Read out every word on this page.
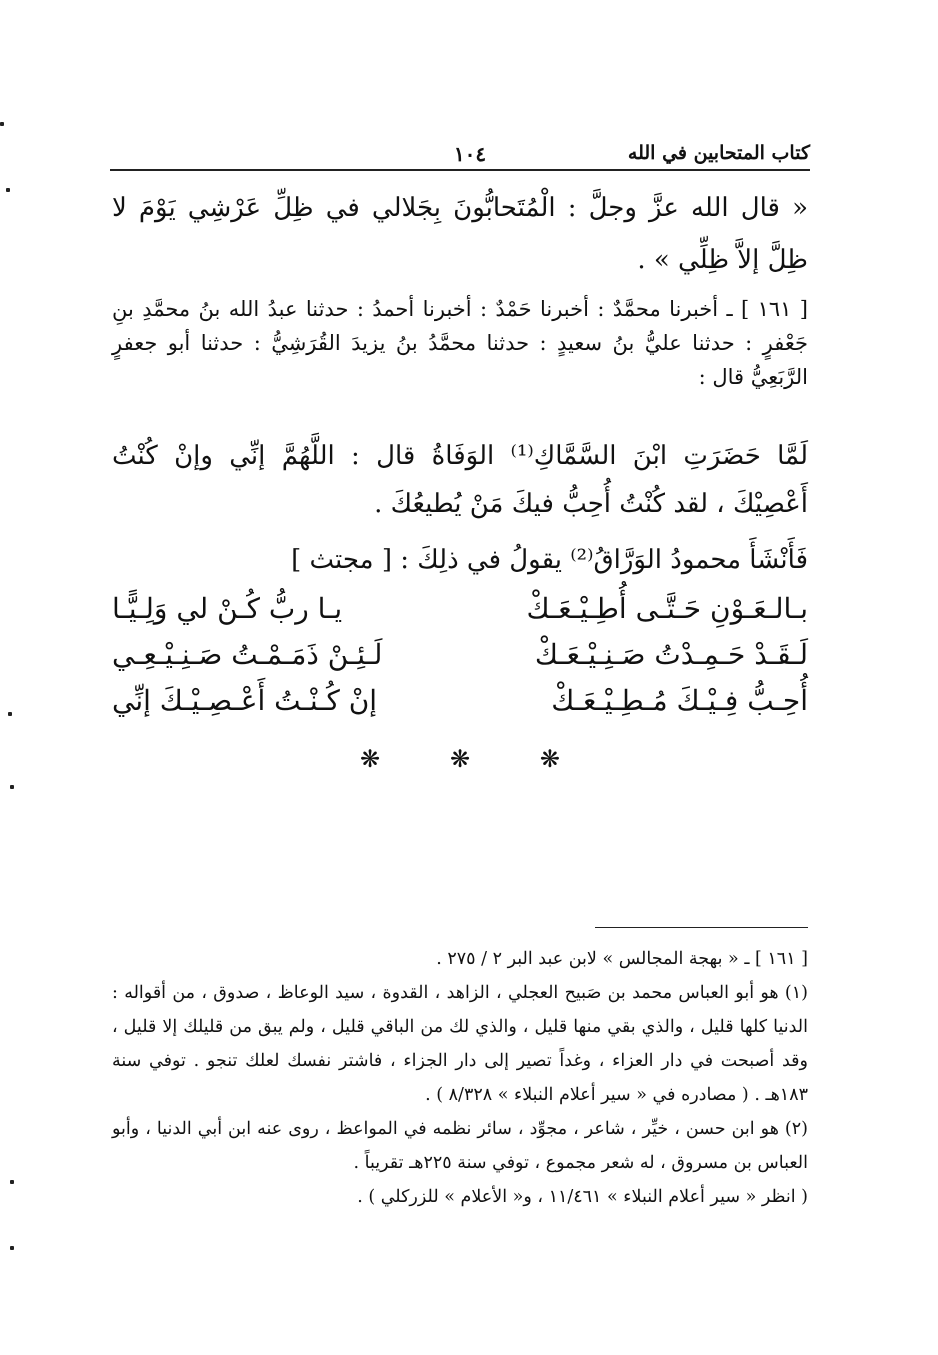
كتاب المتحابين في الله
١٠٤
« قال الله عزَّ وجلَّ : الْمُتَحابُّونَ بِجَلالي في ظِلِّ عَرْشِي يَوْمَ لا ظِلَّ إلاَّ ظِلِّي » .
[ ١٦١ ] ـ أخبرنا محمَّدٌ : أخبرنا حَمْدٌ : أخبرنا أحمدُ : حدثنا عبدُ الله بنُ محمَّدِ بنِ جَعْفرٍ : حدثنا عليُّ بنُ سعيدٍ : حدثنا محمَّدُ بنُ يزيدَ القُرَشِيُّ : حدثنا أبو جعفرٍ الرَّبَعِيُّ قال :
لَمَّا حَضَرَتِ ابْنَ السَّمَّاكِ⁽¹⁾ الوَفَاةُ قال : اللَّهُمَّ إنِّي وإنْ كُنْتُ أَعْصِيْكَ ، لقد كُنْتُ أُحِبُّ فيكَ مَنْ يُطيعُكَ .
فَأَنْشَأَ محمودُ الوَرَّاقُ⁽²⁾ يقولُ في ذلِكَ : [ مجتث ]
يـا ربُّ كُـنْ لي وَلِـيًّـا	بـالـعَـوْنِ حَـتَّـى أُطِـيْـعَـكْ
لَـئِـنْ ذَمَـمْـتُ صَـنِـيْـعِـي	لَـقَـدْ حَـمِـدْتُ صَـنِـيْـعَـكْ
إنْ كُـنْـتُ أَعْـصِـيْـكَ إنِّي	أُحِـبُّ فِـيْـكَ مُـطِـيْـعَـكْ
❋	❋	❋

[ ١٦١ ] ـ « بهجة المجالس » لابن عبد البر ٢ / ٢٧٥ .

(١) هو أبو العباس محمد بن صَبيح العجلي ، الزاهد ، القدوة ، سيد الوعاظ ، صدوق ، من أقواله : الدنيا كلها قليل ، والذي بقي منها قليل ، والذي لك من الباقي قليل ، ولم يبق من قليلك إلا قليل ، وقد أصبحت في دار العزاء ، وغداً تصير إلى دار الجزاء ، فاشتر نفسك لعلك تنجو . توفي سنة ١٨٣هـ . ( مصادره في « سير أعلام النبلاء » ٨/٣٢٨ ) .

(٢) هو ابن حسن ، خيِّر ، شاعر ، مجوِّد ، سائر نظمه في المواعظ ، روى عنه ابن أبي الدنيا ، وأبو العباس بن مسروق ، له شعر مجموع ، توفي سنة ٢٢٥هـ تقريباً .

( انظر « سير أعلام النبلاء » ١١/٤٦١ ، و« الأعلام » للزركلي ) .
